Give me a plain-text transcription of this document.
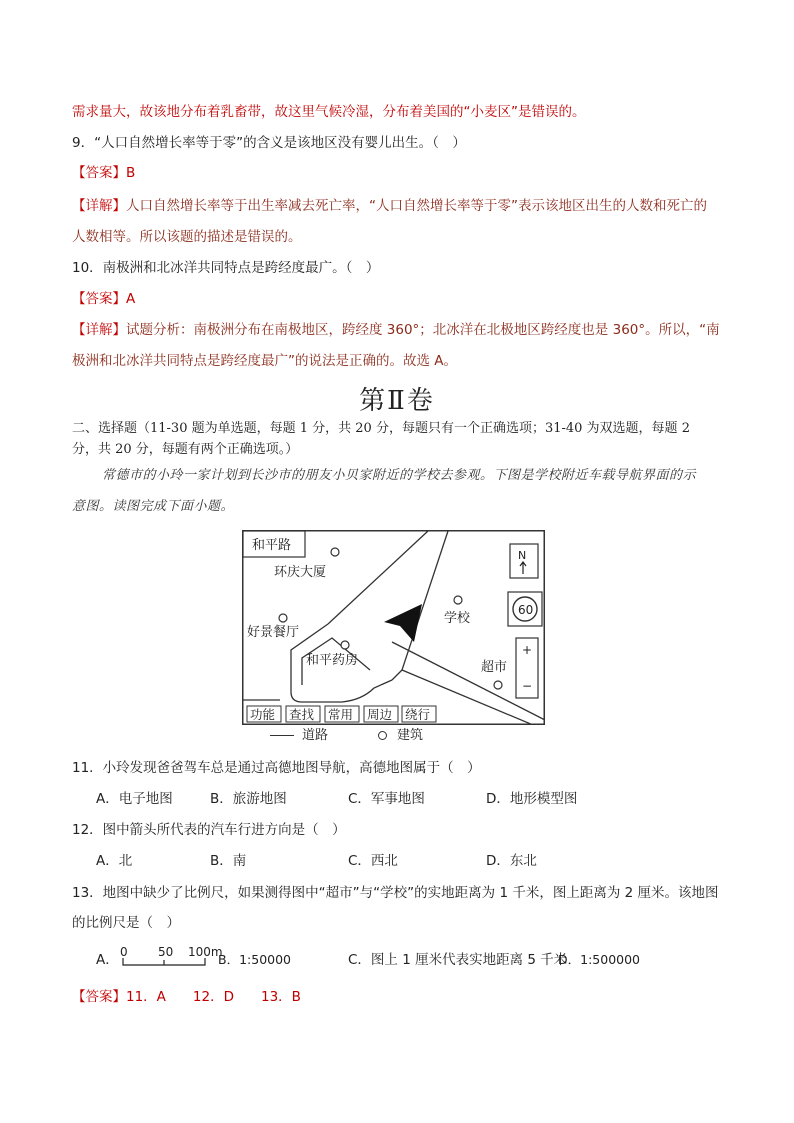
需求量大，故该地分布着乳畜带，故这里气候冷湿，分布着美国的“小麦区”是错误的。
9．“人口自然增长率等于零”的含义是该地区没有婴儿出生。（　）
【答案】B
【详解】人口自然增长率等于出生率减去死亡率，“人口自然增长率等于零”表示该地区出生的人数和死亡的
人数相等。所以该题的描述是错误的。
10．南极洲和北冰洋共同特点是跨经度最广。（　）
【答案】A
【详解】试题分析：南极洲分布在南极地区，跨经度 360°；北冰洋在北极地区跨经度也是 360°。所以，“南
极洲和北冰洋共同特点是跨经度最广”的说法是正确的。故选 A。
第Ⅱ卷
二、选择题（11-30 题为单选题，每题 1 分，共 20 分，每题只有一个正确选项；31-40 为双选题，每题 2
分，共 20 分，每题有两个正确选项。）
常德市的小玲一家计划到长沙市的朋友小贝家附近的学校去参观。下图是学校附近车载导航界面的示
意图。读图完成下面小题。
和平路
环庆大厦
好景餐厅
和平药房
学校
超市
N
60
+
−
功能 查找 常用 周边 绕行
道路	建筑
11．小玲发现爸爸驾车总是通过高德地图导航，高德地图属于（　）
A．电子地图	B．旅游地图	C．军事地图	D．地形模型图
12．图中箭头所代表的汽车行进方向是（　）
A．北	B．南	C．西北	D．东北
13．地图中缺少了比例尺，如果测得图中“超市”与“学校”的实地距离为 1 千米，图上距离为 2 厘米。该地图
的比例尺是（　）
A． 0	50 100m
B．1:50000	C．图上 1 厘米代表实地距离 5 千米
D．1:500000
【答案】11．A　　12．D　　13．B
